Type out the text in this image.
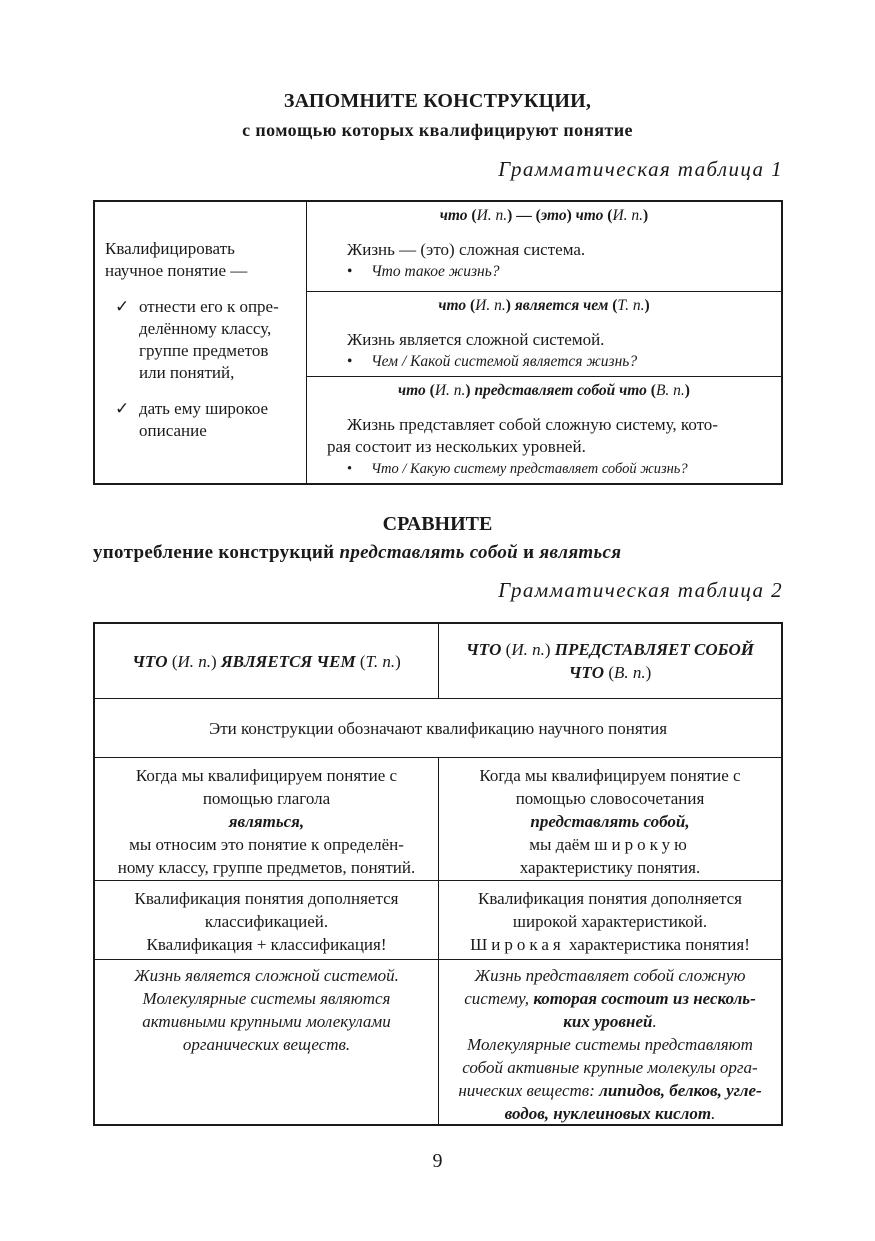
ЗАПОМНИТЕ КОНСТРУКЦИИ,
с помощью которых квалифицируют понятие
Грамматическая таблица 1
Квалифицировать
научное понятие —
✓ отнести его к опре-
делённому классу,
группе предметов
или понятий,
✓ дать ему широкое
описание
что (И. п.) — (это) что (И. п.)
Жизнь — (это) сложная система.
• Что такое жизнь?
что (И. п.) является чем (Т. п.)
Жизнь является сложной системой.
• Чем / Какой системой является жизнь?
что (И. п.) представляет собой что (В. п.)
Жизнь представляет собой сложную систему, кото-
рая состоит из нескольких уровней.
• Что / Какую систему представляет собой жизнь?
СРАВНИТЕ
употребление конструкций представлять собой и являться
Грамматическая таблица 2
ЧТО (И. п.) ЯВЛЯЕТСЯ ЧЕМ (Т. п.)
ЧТО (И. п.) ПРЕДСТАВЛЯЕТ СОБОЙ
ЧТО (В. п.)
Эти конструкции обозначают квалификацию научного понятия
Когда мы квалифицируем понятие с
помощью глагола
являться,
мы относим это понятие к определён-
ному классу, группе предметов, понятий.
Когда мы квалифицируем понятие с
помощью словосочетания
представлять собой,
мы даём широкую
характеристику понятия.
Квалификация понятия дополняется
классификацией.
Квалификация + классификация!
Квалификация понятия дополняется
широкой характеристикой.
Широкая характеристика понятия!
Жизнь является сложной системой.
Молекулярные системы являются
активными крупными молекулами
органических веществ.
Жизнь представляет собой сложную
систему, которая состоит из несколь-
ких уровней.
Молекулярные системы представляют
собой активные крупные молекулы орга-
нических веществ: липидов, белков, угле-
водов, нуклеиновых кислот.
9
